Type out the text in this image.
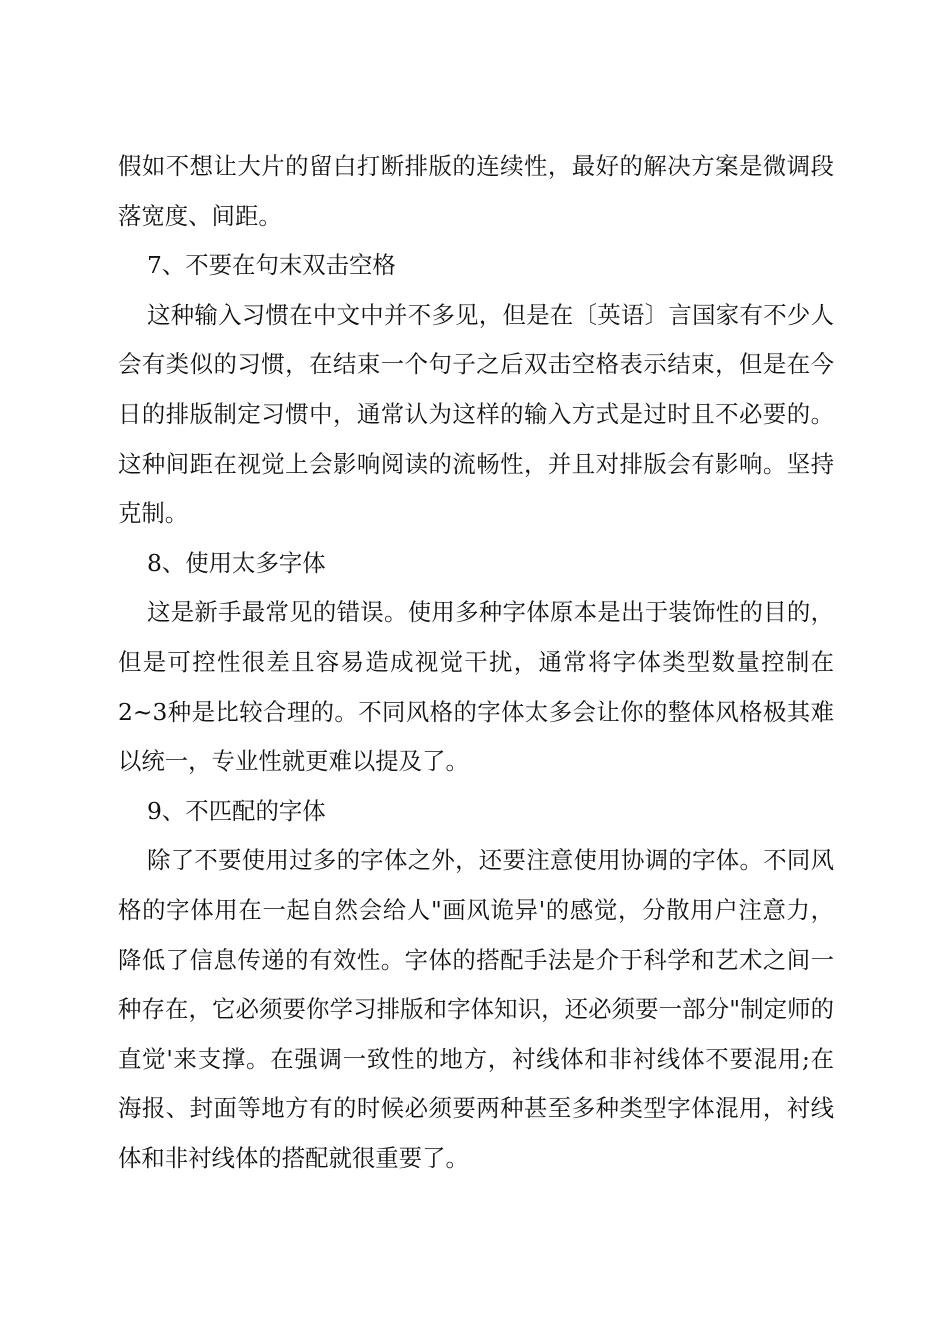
假如不想让大片的留白打断排版的连续性，最好的解决方案是微调段落宽度、间距。

7、不要在句末双击空格

这种输入习惯在中文中并不多见，但是在〔英语〕言国家有不少人会有类似的习惯，在结束一个句子之后双击空格表示结束，但是在今日的排版制定习惯中，通常认为这样的输入方式是过时且不必要的。这种间距在视觉上会影响阅读的流畅性，并且对排版会有影响。坚持克制。

8、使用太多字体

这是新手最常见的错误。使用多种字体原本是出于装饰性的目的，但是可控性很差且容易造成视觉干扰，通常将字体类型数量控制在2~3种是比较合理的。不同风格的字体太多会让你的整体风格极其难以统一，专业性就更难以提及了。

9、不匹配的字体

除了不要使用过多的字体之外，还要注意使用协调的字体。不同风格的字体用在一起自然会给人"画风诡异'的感觉，分散用户注意力，降低了信息传递的有效性。字体的搭配手法是介于科学和艺术之间一种存在，它必须要你学习排版和字体知识，还必须要一部分"制定师的直觉'来支撑。在强调一致性的地方，衬线体和非衬线体不要混用;在海报、封面等地方有的时候必须要两种甚至多种类型字体混用，衬线体和非衬线体的搭配就很重要了。
